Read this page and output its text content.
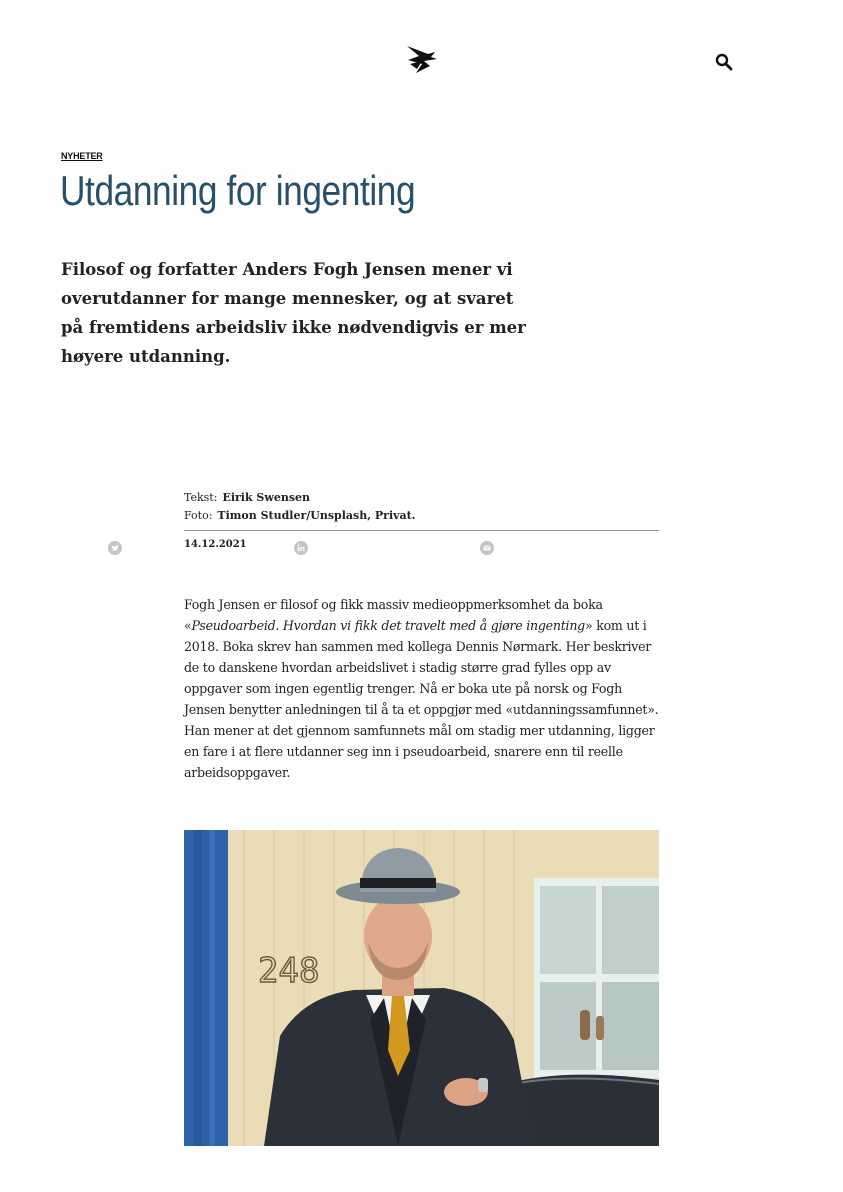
NYHETER
Utdanning for ingenting

Filosof og forfatter Anders Fogh Jensen mener vi overutdanner for mange mennesker, og at svaret på fremtidens arbeidsliv ikke nødvendigvis er mer høyere utdanning.

Tekst: Eirik Swensen
Foto: Timon Studler/Unsplash, Privat.
14.12.2021

Fogh Jensen er filosof og fikk massiv medieoppmerksomhet da boka «Pseudoarbeid. Hvordan vi fikk det travelt med å gjøre ingenting» kom ut i 2018. Boka skrev han sammen med kollega Dennis Nørmark. Her beskriver de to danskene hvordan arbeidslivet i stadig større grad fylles opp av oppgaver som ingen egentlig trenger. Nå er boka ute på norsk og Fogh Jensen benytter anledningen til å ta et oppgjør med «utdanningssamfunnet». Han mener at det gjennom samfunnets mål om stadig mer utdanning, ligger en fare i at flere utdanner seg inn i pseudoarbeid, snarere enn til reelle arbeidsoppgaver.

248
